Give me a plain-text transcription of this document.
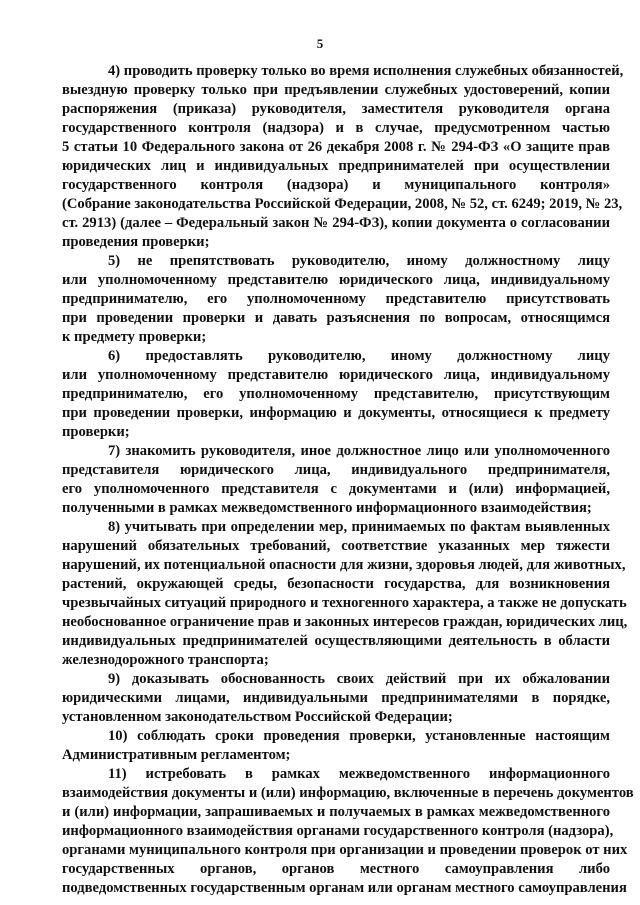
5
4) проводить проверку только во время исполнения служебных обязанностей,
выездную проверку только при предъявлении служебных удостоверений, копии
распоряжения (приказа) руководителя, заместителя руководителя органа
государственного контроля (надзора) и в случае, предусмотренном частью
5 статьи 10 Федерального закона от 26 декабря 2008 г. № 294-ФЗ «О защите прав
юридических лиц и индивидуальных предпринимателей при осуществлении
государственного контроля (надзора) и муниципального контроля»
(Собрание законодательства Российской Федерации, 2008, № 52, ст. 6249; 2019, № 23,
ст. 2913) (далее – Федеральный закон № 294-ФЗ), копии документа о согласовании
проведения проверки;
5) не препятствовать руководителю, иному должностному лицу
или уполномоченному представителю юридического лица, индивидуальному
предпринимателю, его уполномоченному представителю присутствовать
при проведении проверки и давать разъяснения по вопросам, относящимся
к предмету проверки;
6) предоставлять руководителю, иному должностному лицу
или уполномоченному представителю юридического лица, индивидуальному
предпринимателю, его уполномоченному представителю, присутствующим
при проведении проверки, информацию и документы, относящиеся к предмету
проверки;
7) знакомить руководителя, иное должностное лицо или уполномоченного
представителя юридического лица, индивидуального предпринимателя,
его уполномоченного представителя с документами и (или) информацией,
полученными в рамках межведомственного информационного взаимодействия;
8) учитывать при определении мер, принимаемых по фактам выявленных
нарушений обязательных требований, соответствие указанных мер тяжести
нарушений, их потенциальной опасности для жизни, здоровья людей, для животных,
растений, окружающей среды, безопасности государства, для возникновения
чрезвычайных ситуаций природного и техногенного характера, а также не допускать
необоснованное ограничение прав и законных интересов граждан, юридических лиц,
индивидуальных предпринимателей осуществляющими деятельность в области
железнодорожного транспорта;
9) доказывать обоснованность своих действий при их обжаловании
юридическими лицами, индивидуальными предпринимателями в порядке,
установленном законодательством Российской Федерации;
10) соблюдать сроки проведения проверки, установленные настоящим
Административным регламентом;
11) истребовать в рамках межведомственного информационного
взаимодействия документы и (или) информацию, включенные в перечень документов
и (или) информации, запрашиваемых и получаемых в рамках межведомственного
информационного взаимодействия органами государственного контроля (надзора),
органами муниципального контроля при организации и проведении проверок от них
государственных органов, органов местного самоуправления либо
подведомственных государственным органам или органам местного самоуправления
